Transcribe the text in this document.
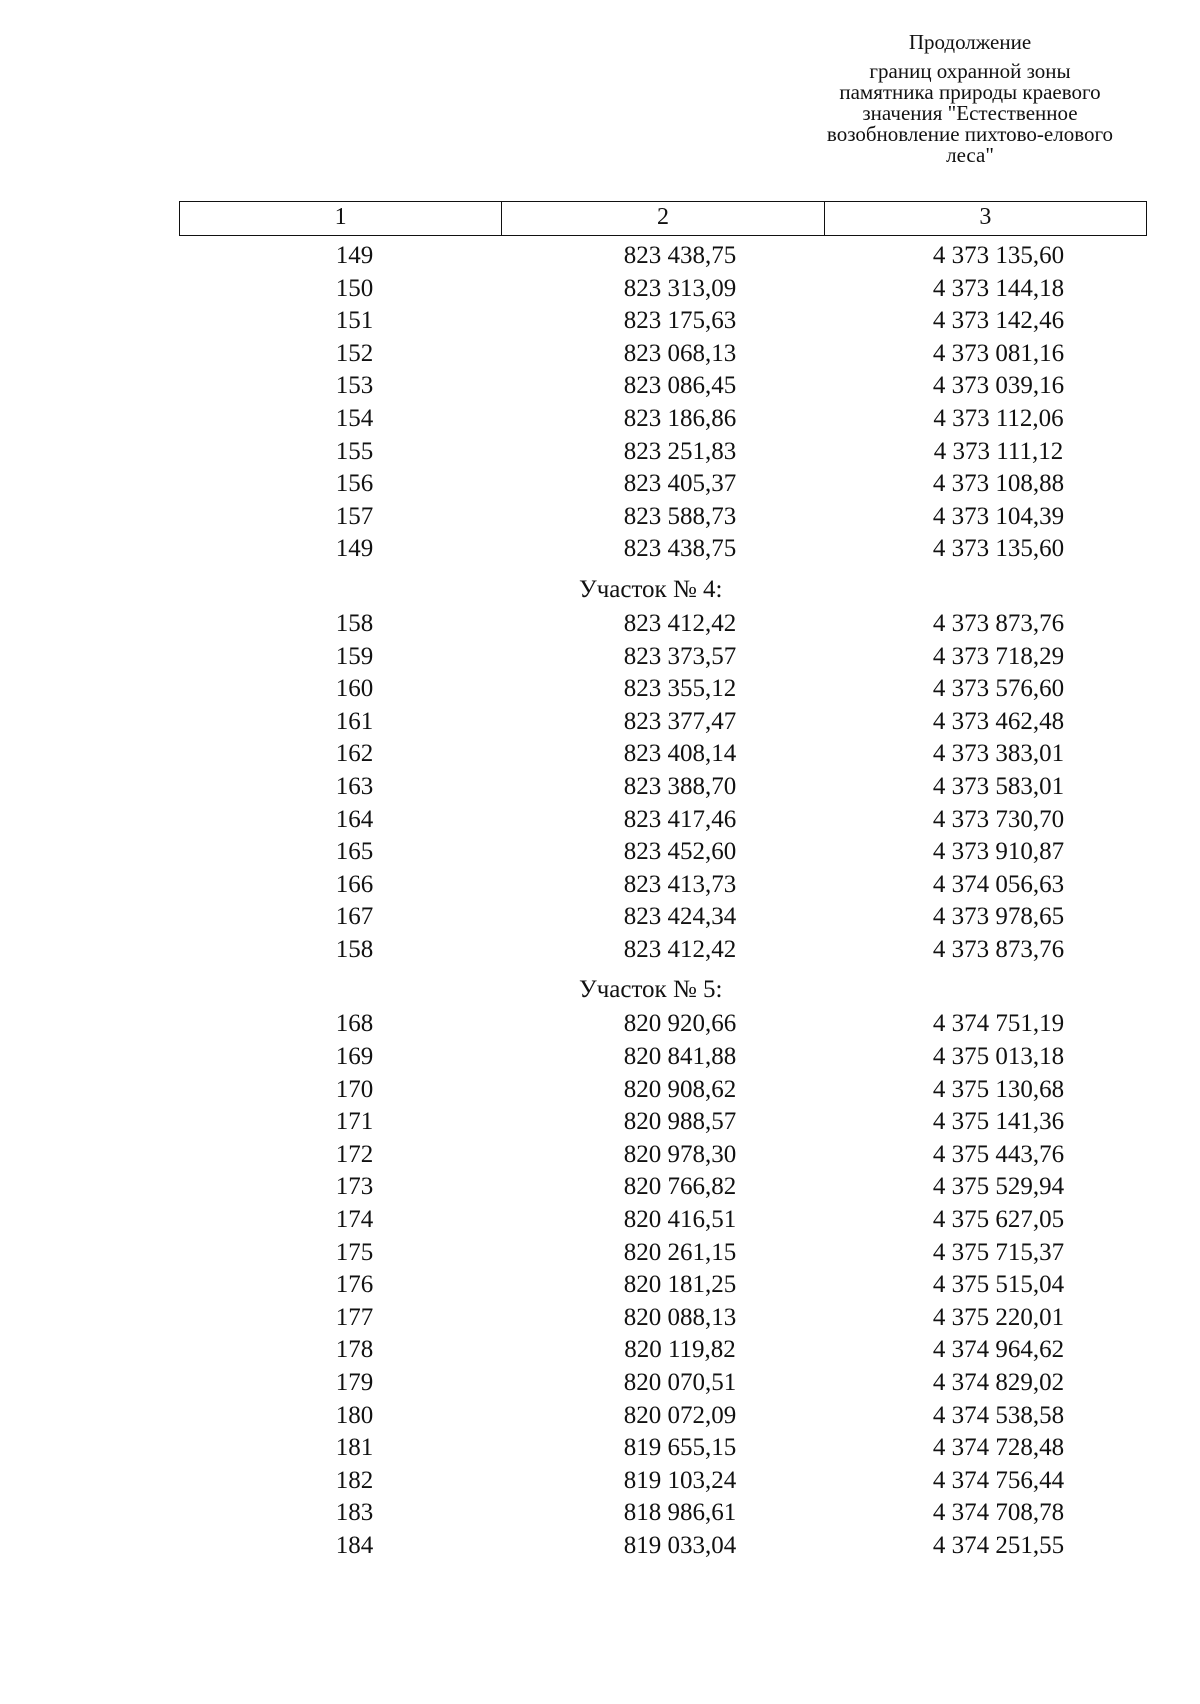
Продолжение
границ охранной зоны
памятника природы краевого
значения "Естественное
возобновление пихтово-елового
леса"
1	2	3
149	823 438,75	4 373 135,60
150	823 313,09	4 373 144,18
151	823 175,63	4 373 142,46
152	823 068,13	4 373 081,16
153	823 086,45	4 373 039,16
154	823 186,86	4 373 112,06
155	823 251,83	4 373 111,12
156	823 405,37	4 373 108,88
157	823 588,73	4 373 104,39
149	823 438,75	4 373 135,60
Участок № 4:
158	823 412,42	4 373 873,76
159	823 373,57	4 373 718,29
160	823 355,12	4 373 576,60
161	823 377,47	4 373 462,48
162	823 408,14	4 373 383,01
163	823 388,70	4 373 583,01
164	823 417,46	4 373 730,70
165	823 452,60	4 373 910,87
166	823 413,73	4 374 056,63
167	823 424,34	4 373 978,65
158	823 412,42	4 373 873,76
Участок № 5:
168	820 920,66	4 374 751,19
169	820 841,88	4 375 013,18
170	820 908,62	4 375 130,68
171	820 988,57	4 375 141,36
172	820 978,30	4 375 443,76
173	820 766,82	4 375 529,94
174	820 416,51	4 375 627,05
175	820 261,15	4 375 715,37
176	820 181,25	4 375 515,04
177	820 088,13	4 375 220,01
178	820 119,82	4 374 964,62
179	820 070,51	4 374 829,02
180	820 072,09	4 374 538,58
181	819 655,15	4 374 728,48
182	819 103,24	4 374 756,44
183	818 986,61	4 374 708,78
184	819 033,04	4 374 251,55
